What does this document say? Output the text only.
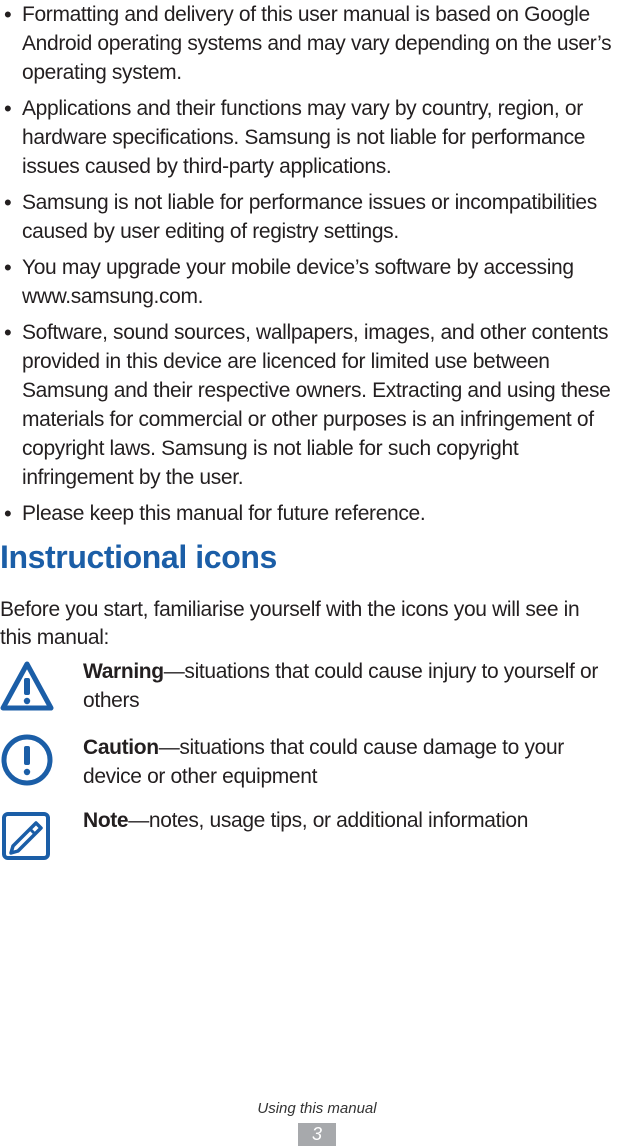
• Formatting and delivery of this user manual is based on Google Android operating systems and may vary depending on the user’s operating system.
• Applications and their functions may vary by country, region, or hardware specifications. Samsung is not liable for performance issues caused by third-party applications.
• Samsung is not liable for performance issues or incompatibilities caused by user editing of registry settings.
• You may upgrade your mobile device’s software by accessing www.samsung.com.
• Software, sound sources, wallpapers, images, and other contents provided in this device are licenced for limited use between Samsung and their respective owners. Extracting and using these materials for commercial or other purposes is an infringement of copyright laws. Samsung is not liable for such copyright infringement by the user.
• Please keep this manual for future reference.
Instructional icons
Before you start, familiarise yourself with the icons you will see in this manual:
Warning—situations that could cause injury to yourself or others
Caution—situations that could cause damage to your device or other equipment
Note—notes, usage tips, or additional information
Using this manual
3
